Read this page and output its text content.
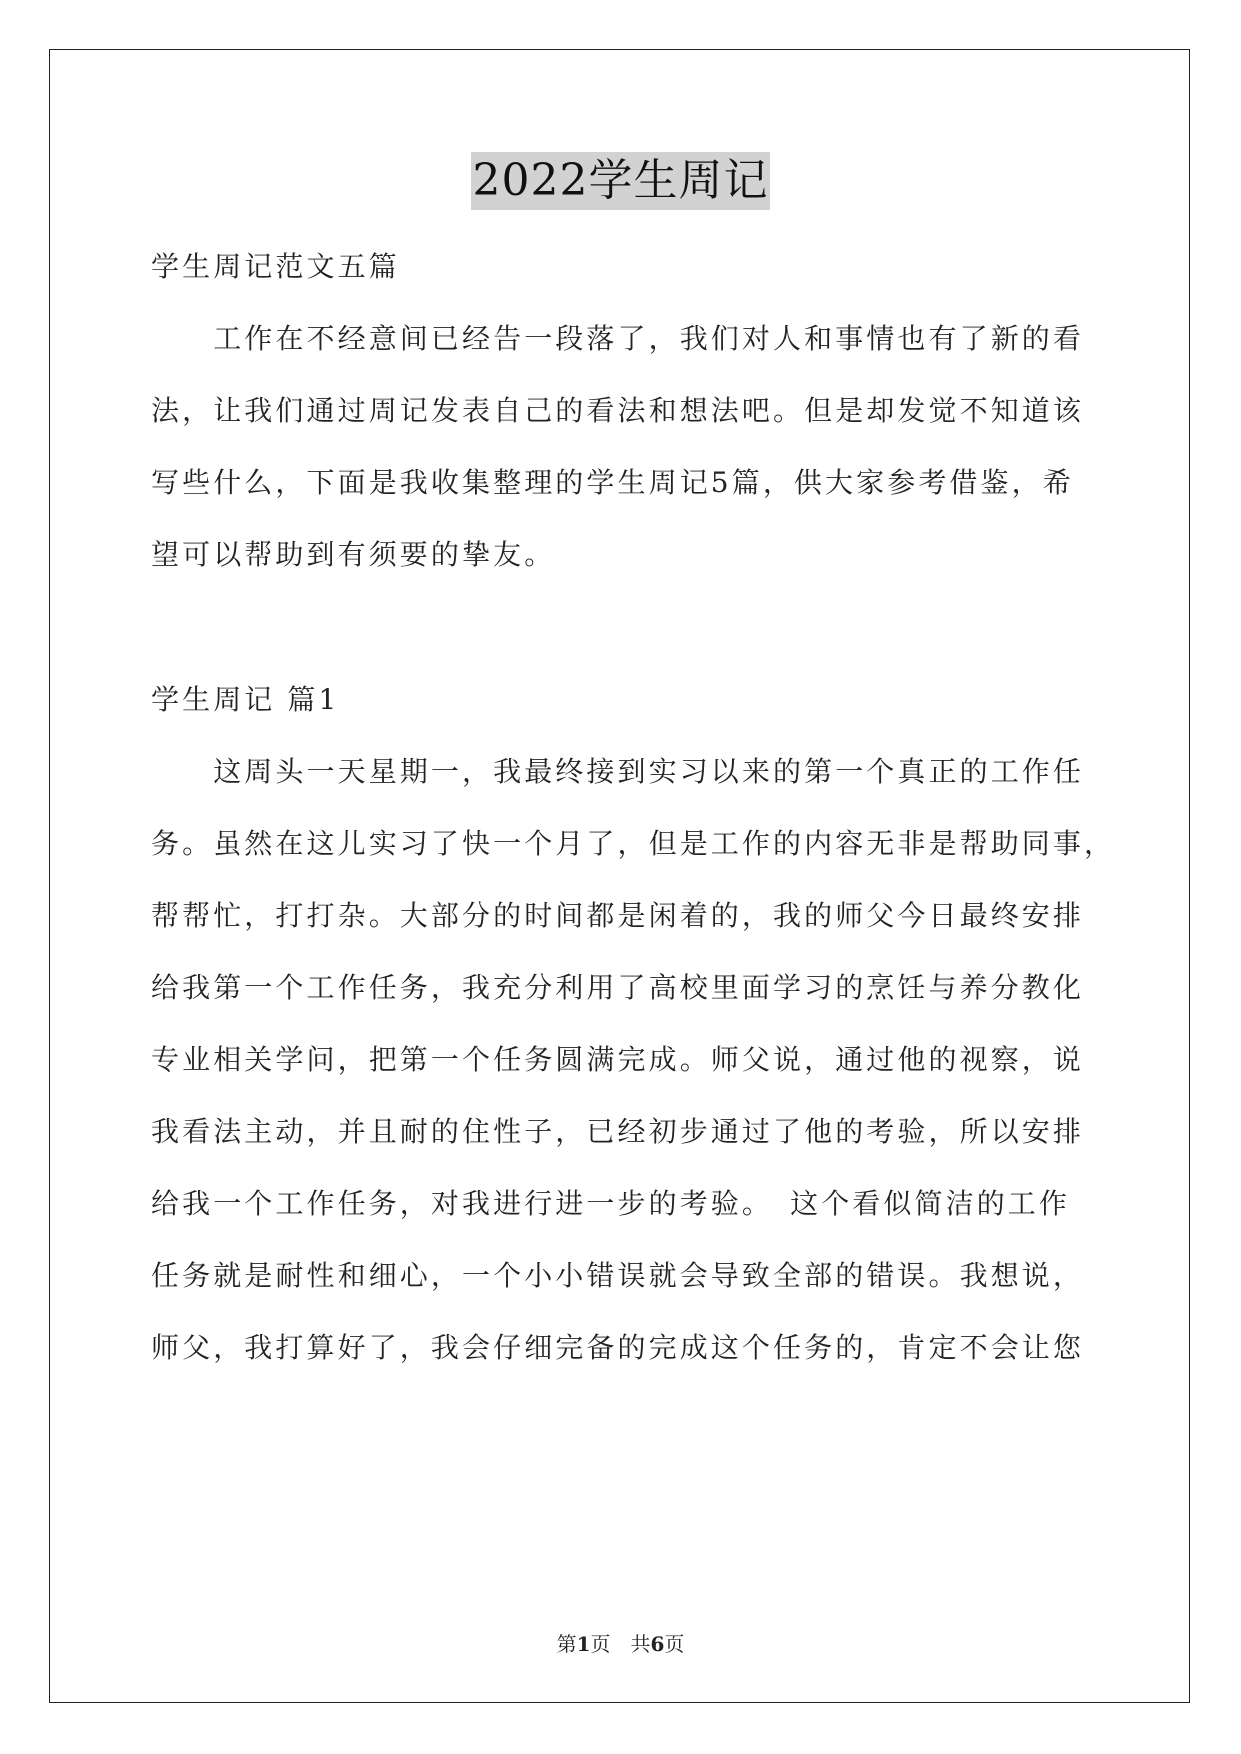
2022学生周记
学生周记范文五篇
　　工作在不经意间已经告一段落了，我们对人和事情也有了新的看
法，让我们通过周记发表自己的看法和想法吧。但是却发觉不知道该
写些什么，下面是我收集整理的学生周记5篇，供大家参考借鉴，希
望可以帮助到有须要的挚友。
学生周记 篇1
　　这周头一天星期一，我最终接到实习以来的第一个真正的工作任
务。虽然在这儿实习了快一个月了，但是工作的内容无非是帮助同事，
帮帮忙，打打杂。大部分的时间都是闲着的，我的师父今日最终安排
给我第一个工作任务，我充分利用了高校里面学习的烹饪与养分教化
专业相关学问，把第一个任务圆满完成。师父说，通过他的视察，说
我看法主动，并且耐的住性子，已经初步通过了他的考验，所以安排
给我一个工作任务，对我进行进一步的考验。　这个看似简洁的工作
任务就是耐性和细心，一个小小错误就会导致全部的错误。我想说，
师父，我打算好了，我会仔细完备的完成这个任务的，肯定不会让您
第1页　共6页
